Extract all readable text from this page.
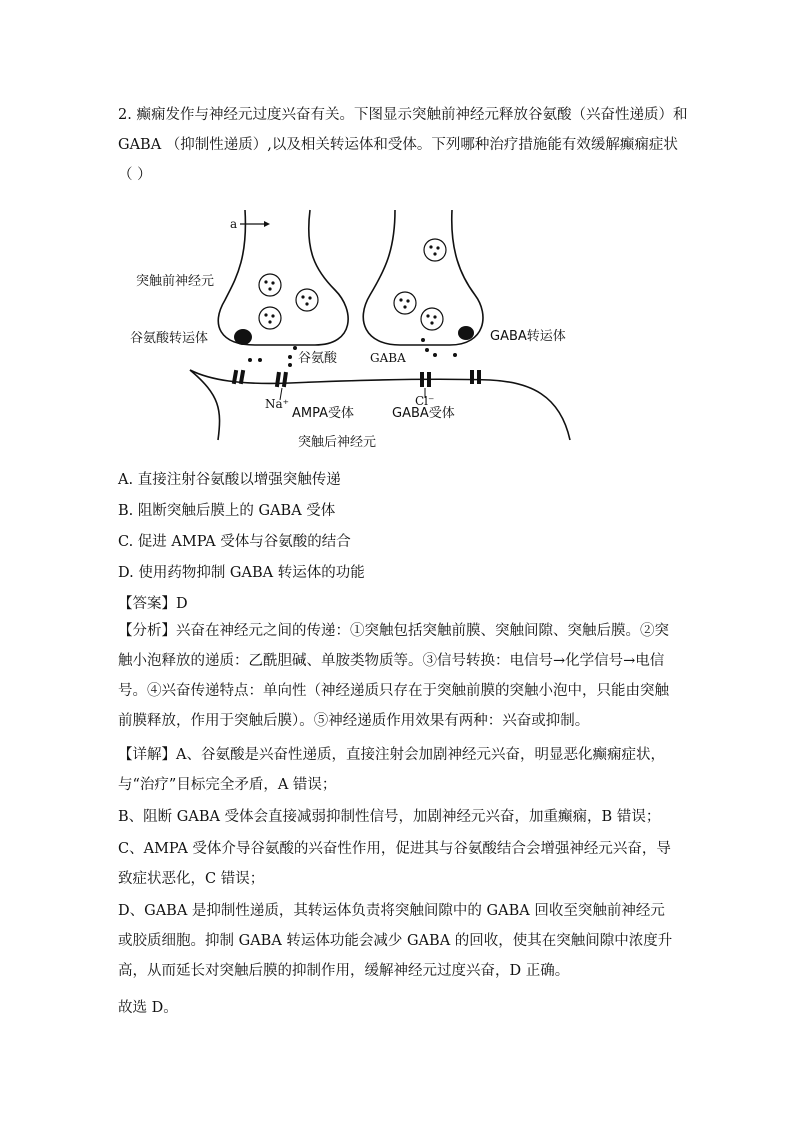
2. 癫痫发作与神经元过度兴奋有关。下图显示突触前神经元释放谷氨酸（兴奋性递质）和
GABA （抑制性递质）,以及相关转运体和受体。下列哪种治疗措施能有效缓解癫痫症状
（ ）
a
突触前神经元
谷氨酸转运体
谷氨酸	GABA
GABA转运体
Na⁺	Cl⁻
AMPA受体	GABA受体
突触后神经元
A. 直接注射谷氨酸以增强突触传递
B. 阻断突触后膜上的 GABA 受体
C. 促进 AMPA 受体与谷氨酸的结合
D. 使用药物抑制 GABA 转运体的功能
【答案】D

【分析】兴奋在神经元之间的传递：①突触包括突触前膜、突触间隙、突触后膜。②突触小泡释放的递质：乙酰胆碱、单胺类物质等。③信号转换：电信号→化学信号→电信号。④兴奋传递特点：单向性（神经递质只存在于突触前膜的突触小泡中，只能由突触前膜释放，作用于突触后膜）。⑤神经递质作用效果有两种：兴奋或抑制。

【详解】A、谷氨酸是兴奋性递质，直接注射会加剧神经元兴奋，明显恶化癫痫症状，与“治疗”目标完全矛盾，A 错误；

B、阻断 GABA 受体会直接减弱抑制性信号，加剧神经元兴奋，加重癫痫，B 错误；

C、AMPA 受体介导谷氨酸的兴奋性作用，促进其与谷氨酸结合会增强神经元兴奋，导致症状恶化，C 错误；

D、GABA 是抑制性递质，其转运体负责将突触间隙中的 GABA 回收至突触前神经元或胶质细胞。抑制 GABA 转运体功能会减少 GABA 的回收，使其在突触间隙中浓度升高，从而延长对突触后膜的抑制作用，缓解神经元过度兴奋，D 正确。

故选 D。
